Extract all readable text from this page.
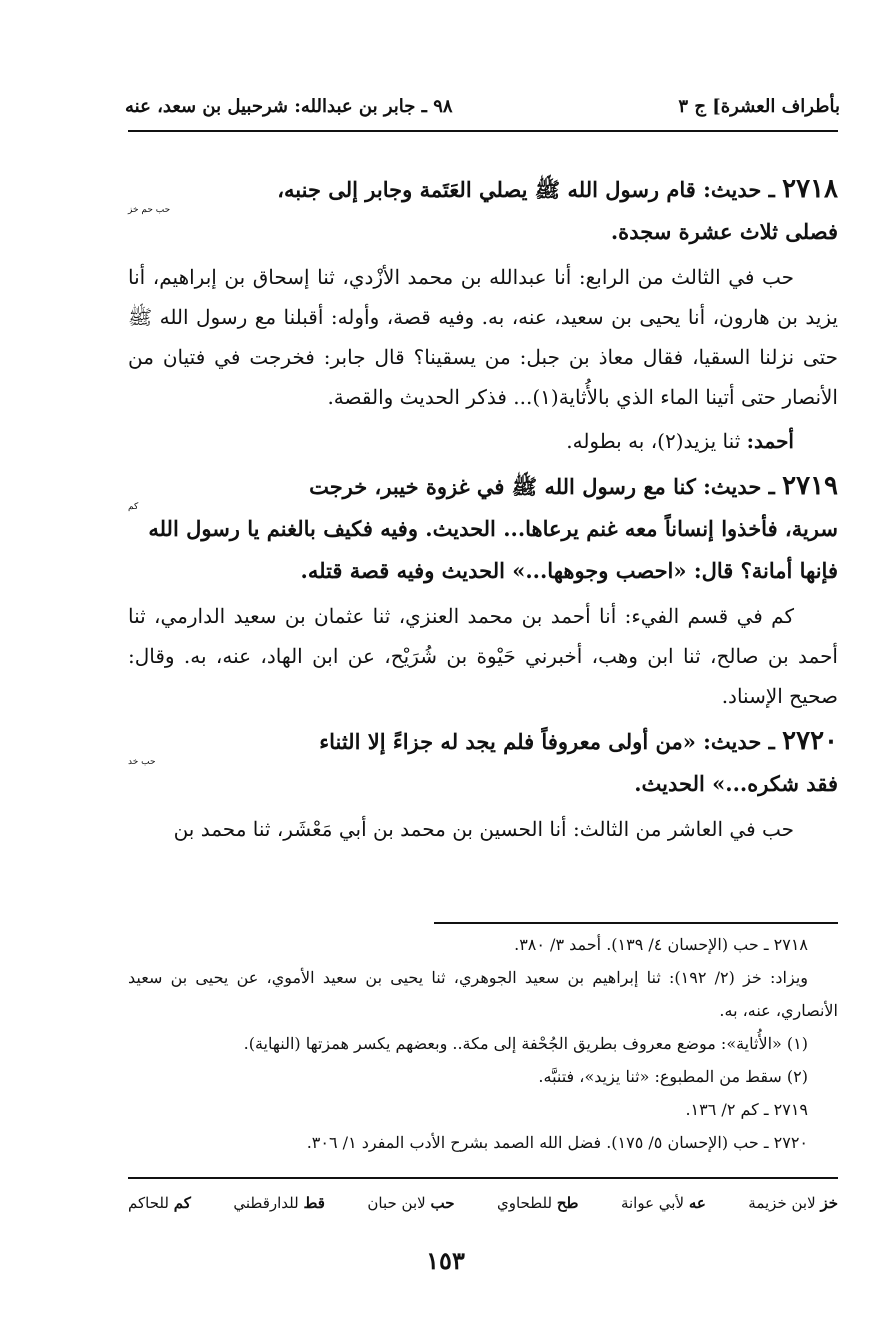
بأطراف العشرة] ج ٣
٩٨ ـ جابر بن عبدالله: شرحبيل بن سعد، عنه
٢٧١٨ ـ حديث: قام رسول الله ﷺ يصلي العَتَمة وجابر إلى جنبه،
حب حم خز
فصلى ثلاث عشرة سجدة.

حب في الثالث من الرابع: أنا عبدالله بن محمد الأزْدي، ثنا إسحاق بن إبراهيم، أنا يزيد بن هارون، أنا يحيى بن سعيد، عنه، به. وفيه قصة، وأوله: أقبلنا مع رسول الله ﷺ حتى نزلنا السقيا، فقال معاذ بن جبل: من يسقينا؟ قال جابر: فخرجت في فتيان من الأنصار حتى أتينا الماء الذي بالأُثاية(١)... فذكر الحديث والقصة.

أحمد: ثنا يزيد(٢)، به بطوله.

٢٧١٩ ـ حديث: كنا مع رسول الله ﷺ في غزوة خيبر، خرجت
كم
سرية، فأخذوا إنساناً معه غنم يرعاها... الحديث. وفيه فكيف بالغنم يا رسول الله فإنها أمانة؟ قال: «احصب وجوهها...» الحديث وفيه قصة قتله.

كم في قسم الفيء: أنا أحمد بن محمد العنزي، ثنا عثمان بن سعيد الدارمي، ثنا أحمد بن صالح، ثنا ابن وهب، أخبرني حَيْوة بن شُرَيْح، عن ابن الهاد، عنه، به. وقال: صحيح الإسناد.

٢٧٢٠ ـ حديث: «من أولى معروفاً فلم يجد له جزاءً إلا الثناء
حب خد
فقد شكره...» الحديث.

حب في العاشر من الثالث: أنا الحسين بن محمد بن أبي مَعْشَر، ثنا محمد بن

٢٧١٨ ـ حب (الإحسان ٤/ ١٣٩). أحمد ٣/ ٣٨٠.

ويزاد: خز (٢/ ١٩٢): ثنا إبراهيم بن سعيد الجوهري، ثنا يحيى بن سعيد الأموي، عن يحيى بن سعيد الأنصاري، عنه، به.

(١) «الأُثاية»: موضع معروف بطريق الجُحْفة إلى مكة.. وبعضهم يكسر همزتها (النهاية).

(٢) سقط من المطبوع: «ثنا يزيد»، فتنبَّه.

٢٧١٩ ـ كم ٢/ ١٣٦.

٢٧٢٠ ـ حب (الإحسان ٥/ ١٧٥). فضل الله الصمد بشرح الأدب المفرد ١/ ٣٠٦.

خز لابن خزيمة
عه لأبي عوانة
طح للطحاوي
حب لابن حبان
قط للدارقطني
كم للحاكم
١٥٣
